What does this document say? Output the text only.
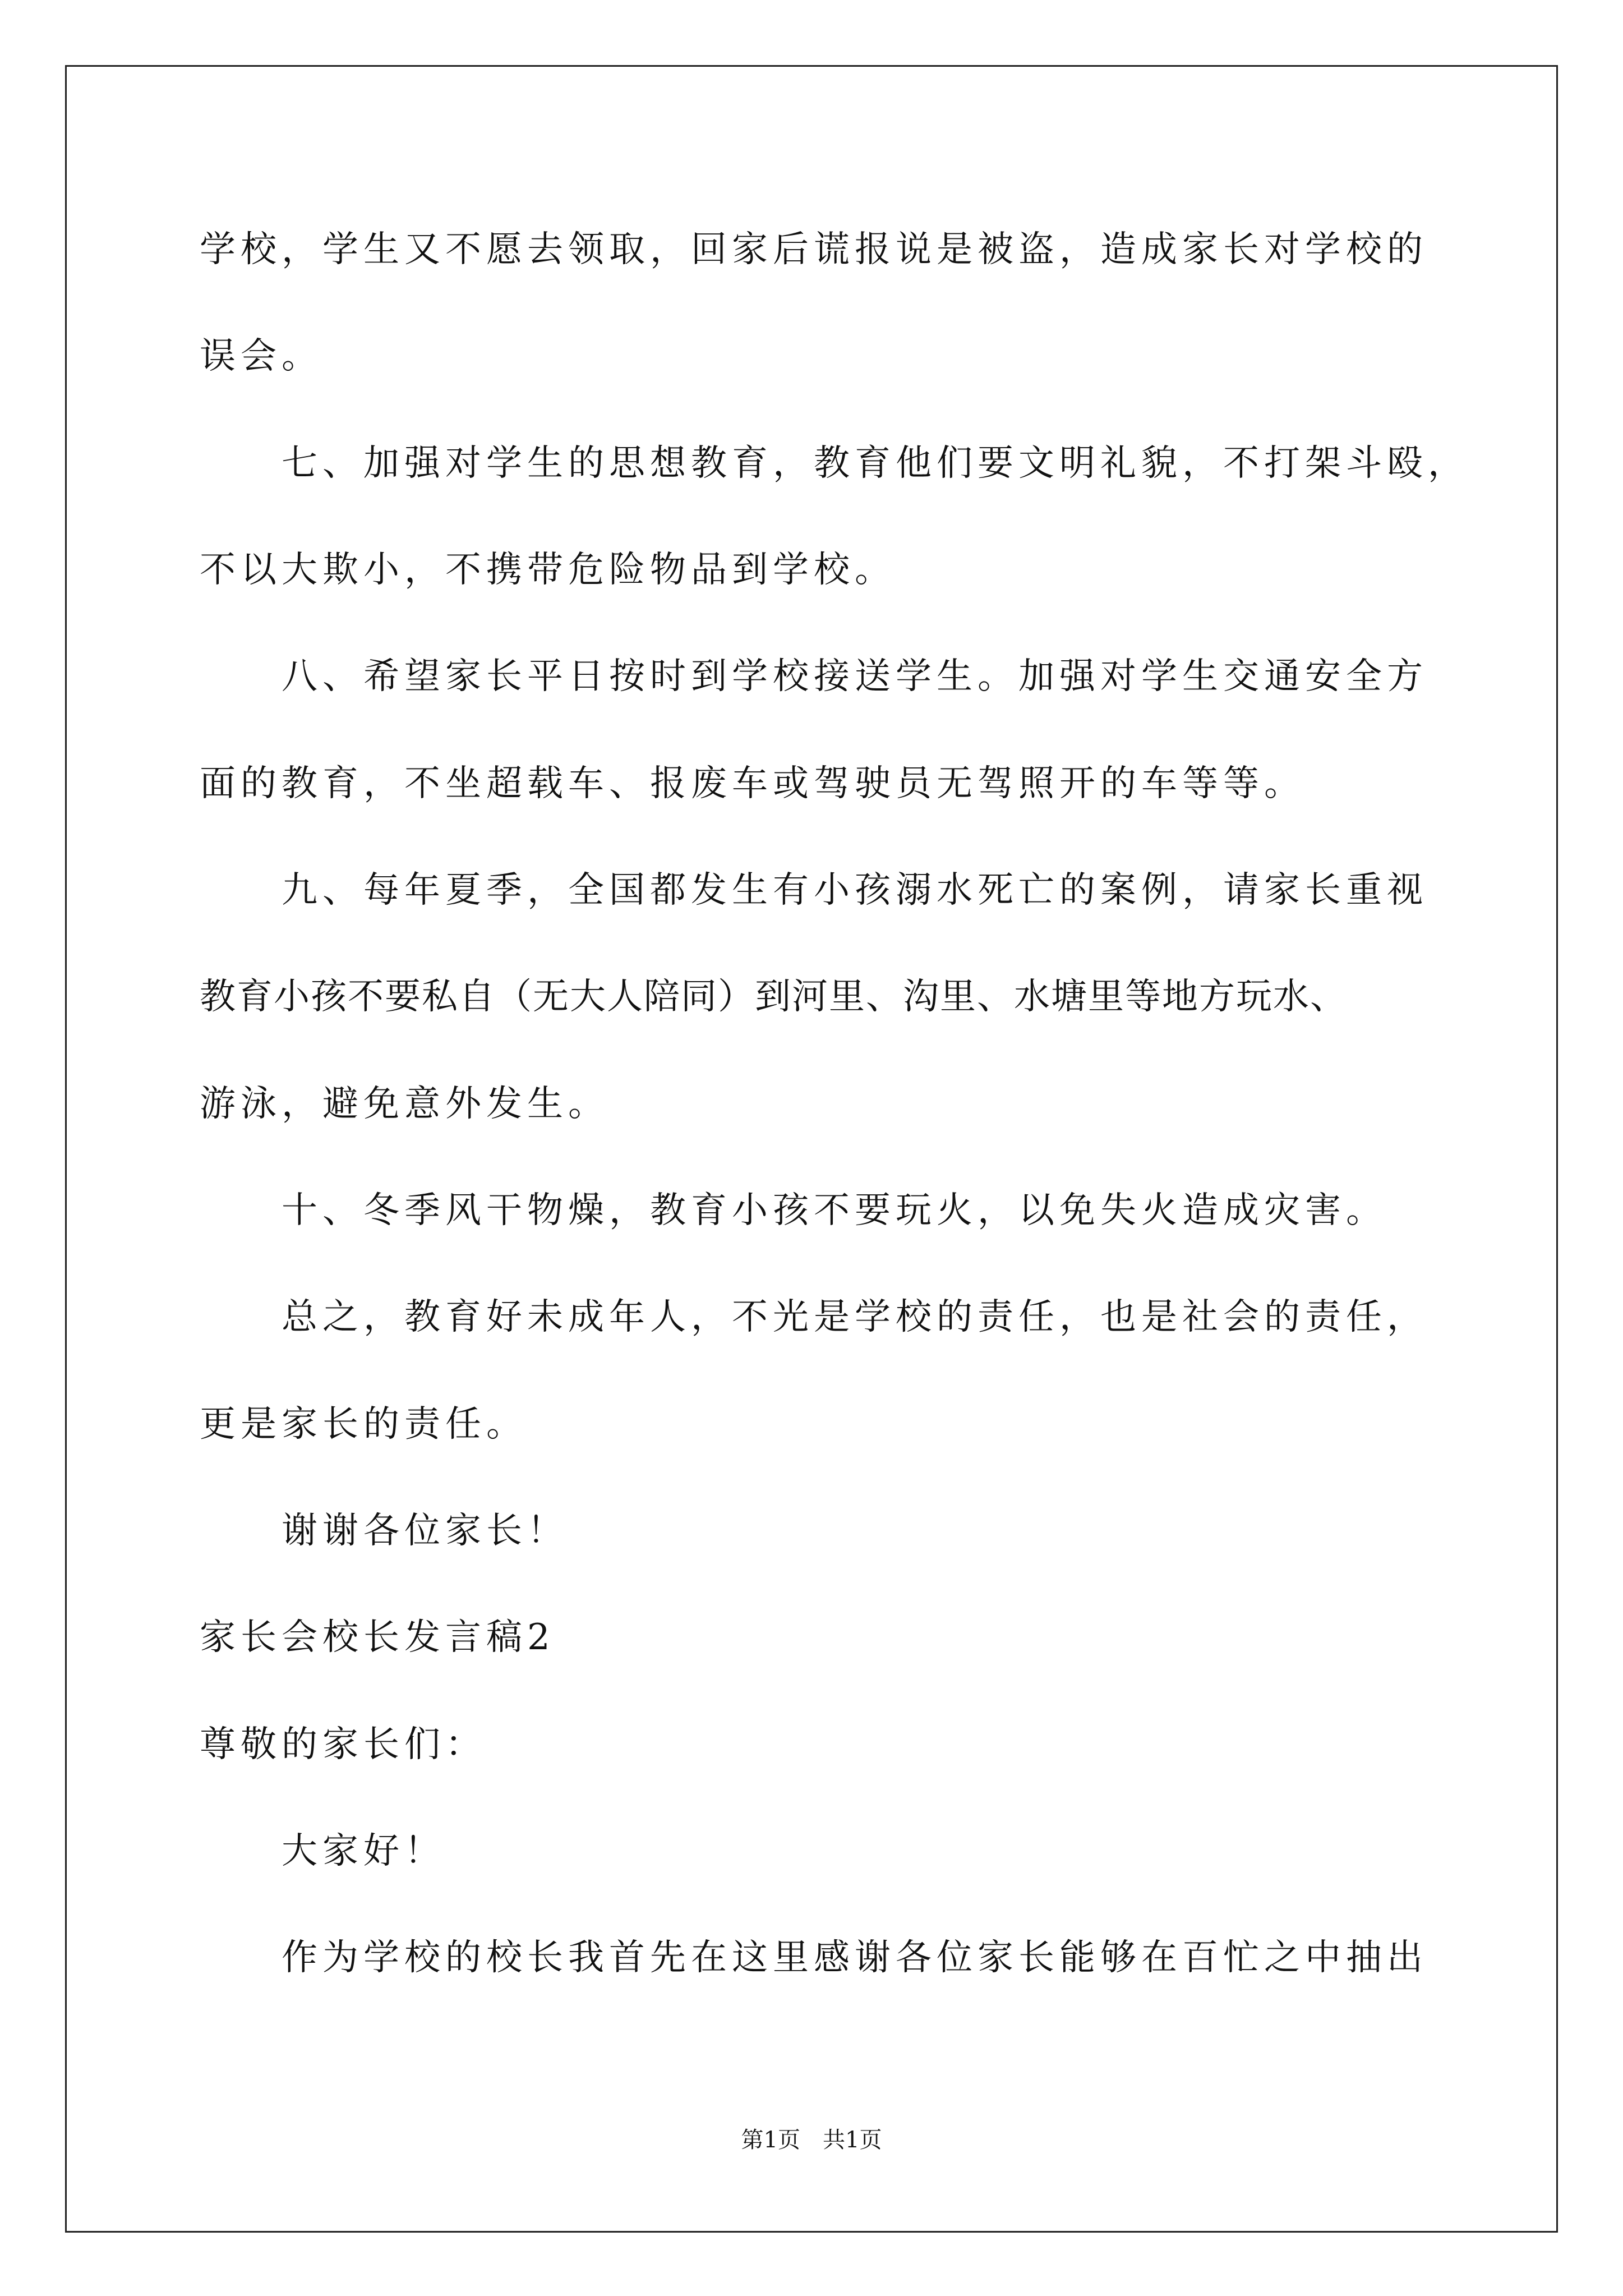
学校，学生又不愿去领取，回家后谎报说是被盗，造成家长对学校的
误会。
七、加强对学生的思想教育，教育他们要文明礼貌，不打架斗殴，
不以大欺小，不携带危险物品到学校。
八、希望家长平日按时到学校接送学生。加强对学生交通安全方
面的教育，不坐超载车、报废车或驾驶员无驾照开的车等等。
九、每年夏季，全国都发生有小孩溺水死亡的案例，请家长重视
教育小孩不要私自（无大人陪同）到河里、沟里、水塘里等地方玩水、
游泳，避免意外发生。
十、冬季风干物燥，教育小孩不要玩火，以免失火造成灾害。
总之，教育好未成年人，不光是学校的责任，也是社会的责任，
更是家长的责任。
谢谢各位家长！
家长会校长发言稿2
尊敬的家长们：
大家好！
作为学校的校长我首先在这里感谢各位家长能够在百忙之中抽出
第1页　共1页
